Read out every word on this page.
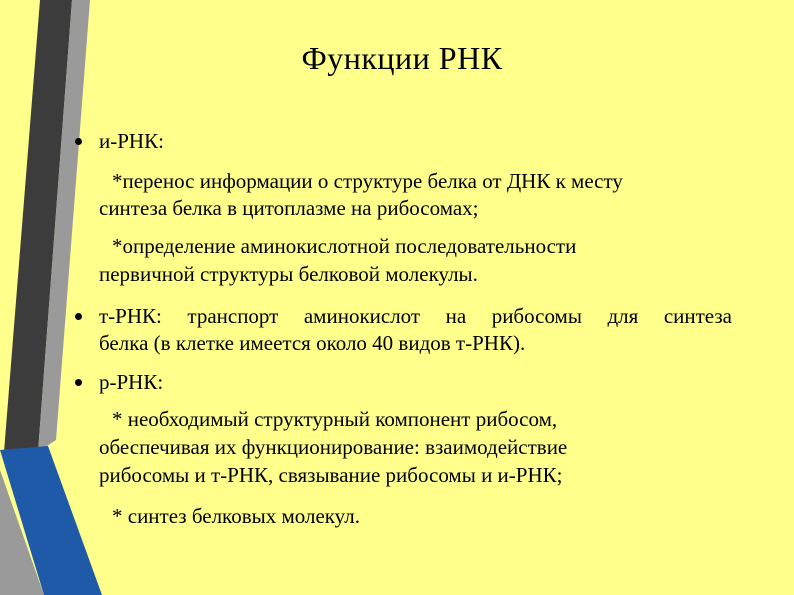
Функции РНК
и-РНК:
*перенос информации о структуре белка от ДНК к месту
синтеза белка в цитоплазме на рибосомах;
*определение аминокислотной последовательности
первичной структуры белковой молекулы.
т-РНК: транспорт аминокислот на рибосомы для синтеза
белка (в клетке имеется около 40 видов т-РНК).
р-РНК:
* необходимый структурный компонент рибосом,
обеспечивая их функционирование: взаимодействие
рибосомы и т-РНК, связывание рибосомы и и-РНК;
* синтез белковых молекул.
